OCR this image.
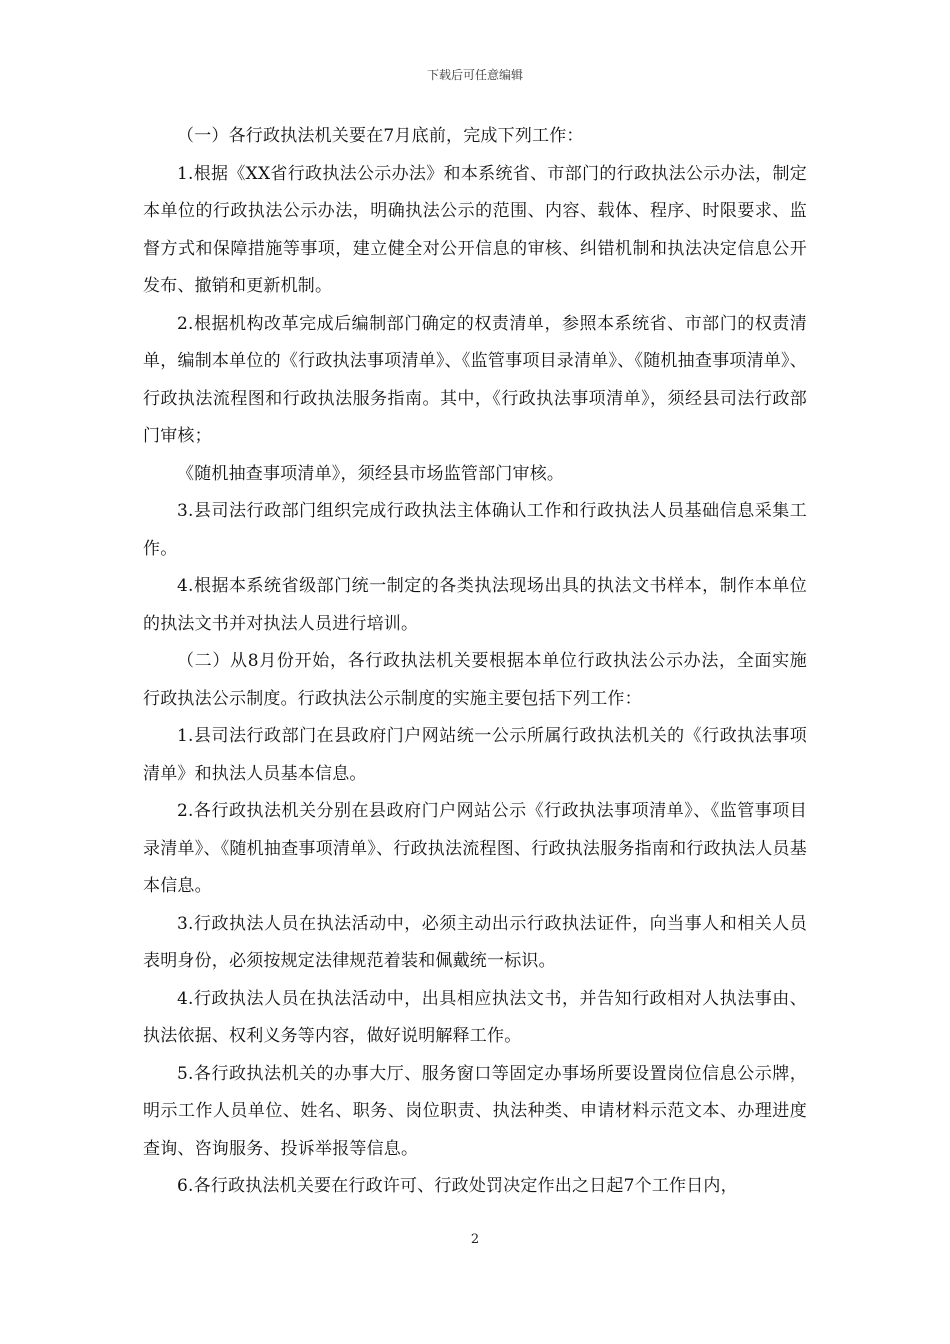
下载后可任意编辑

（一）各行政执法机关要在7月底前，完成下列工作：

1.根据《XX省行政执法公示办法》和本系统省、市部门的行政执法公示办法，制定本单位的行政执法公示办法，明确执法公示的范围、内容、载体、程序、时限要求、监督方式和保障措施等事项，建立健全对公开信息的审核、纠错机制和执法决定信息公开发布、撤销和更新机制。

2.根据机构改革完成后编制部门确定的权责清单，参照本系统省、市部门的权责清单，编制本单位的《行政执法事项清单》、《监管事项目录清单》、《随机抽查事项清单》、行政执法流程图和行政执法服务指南。其中，《行政执法事项清单》，须经县司法行政部门审核；

《随机抽查事项清单》，须经县市场监管部门审核。

3.县司法行政部门组织完成行政执法主体确认工作和行政执法人员基础信息采集工作。

4.根据本系统省级部门统一制定的各类执法现场出具的执法文书样本，制作本单位的执法文书并对执法人员进行培训。

（二）从8月份开始，各行政执法机关要根据本单位行政执法公示办法，全面实施行政执法公示制度。行政执法公示制度的实施主要包括下列工作：

1.县司法行政部门在县政府门户网站统一公示所属行政执法机关的《行政执法事项清单》和执法人员基本信息。

2.各行政执法机关分别在县政府门户网站公示《行政执法事项清单》、《监管事项目录清单》、《随机抽查事项清单》、行政执法流程图、行政执法服务指南和行政执法人员基本信息。

3.行政执法人员在执法活动中，必须主动出示行政执法证件，向当事人和相关人员表明身份，必须按规定法律规范着装和佩戴统一标识。

4.行政执法人员在执法活动中，出具相应执法文书，并告知行政相对人执法事由、执法依据、权利义务等内容，做好说明解释工作。

5.各行政执法机关的办事大厅、服务窗口等固定办事场所要设置岗位信息公示牌，明示工作人员单位、姓名、职务、岗位职责、执法种类、申请材料示范文本、办理进度查询、咨询服务、投诉举报等信息。

6.各行政执法机关要在行政许可、行政处罚决定作出之日起7个工作日内，

2
